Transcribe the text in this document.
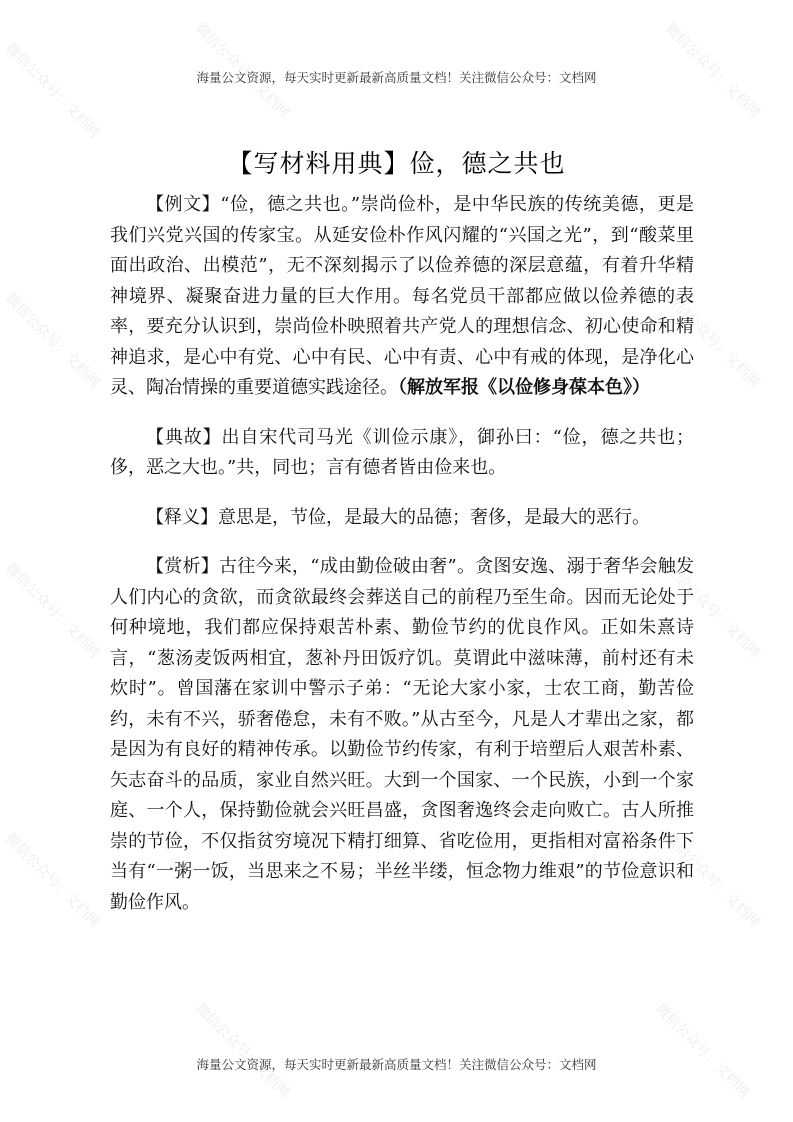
微信公众号：文档网	微信公众号：文档网	微信公众号：文档网
微信公众号：文档网	微信公众号：文档网
微信公众号：文档网	微信公众号：文档网
微信公众号：文档网
微信公众号：文档网
微信公众号：文档网
微信公众号：文档网
海量公文资源，每天实时更新最新高质量文档！关注微信公众号：文档网
【写材料用典】俭，德之共也

【例文】“俭，德之共也。”崇尚俭朴，是中华民族的传统美德，更是我们兴党兴国的传家宝。从延安俭朴作风闪耀的“兴国之光”，到“酸菜里面出政治、出模范”，无不深刻揭示了以俭养德的深层意蕴，有着升华精神境界、凝聚奋进力量的巨大作用。每名党员干部都应做以俭养德的表率，要充分认识到，崇尚俭朴映照着共产党人的理想信念、初心使命和精神追求，是心中有党、心中有民、心中有责、心中有戒的体现，是净化心灵、陶冶情操的重要道德实践途径。（解放军报《以俭修身葆本色》）

【典故】出自宋代司马光《训俭示康》，御孙曰：“俭，德之共也；侈，恶之大也。”共，同也；言有德者皆由俭来也。

【释义】意思是，节俭，是最大的品德；奢侈，是最大的恶行。

【赏析】古往今来，“成由勤俭破由奢”。贪图安逸、溺于奢华会触发人们内心的贪欲，而贪欲最终会葬送自己的前程乃至生命。因而无论处于何种境地，我们都应保持艰苦朴素、勤俭节约的优良作风。正如朱熹诗言，“葱汤麦饭两相宜，葱补丹田饭疗饥。莫谓此中滋味薄，前村还有未炊时”。曾国藩在家训中警示子弟：“无论大家小家，士农工商，勤苦俭约，未有不兴，骄奢倦怠，未有不败。”从古至今，凡是人才辈出之家，都是因为有良好的精神传承。以勤俭节约传家，有利于培塑后人艰苦朴素、矢志奋斗的品质，家业自然兴旺。大到一个国家、一个民族，小到一个家庭、一个人，保持勤俭就会兴旺昌盛，贪图奢逸终会走向败亡。古人所推崇的节俭，不仅指贫穷境况下精打细算、省吃俭用，更指相对富裕条件下当有“一粥一饭，当思来之不易；半丝半缕，恒念物力维艰”的节俭意识和勤俭作风。

海量公文资源，每天实时更新最新高质量文档！关注微信公众号：文档网
